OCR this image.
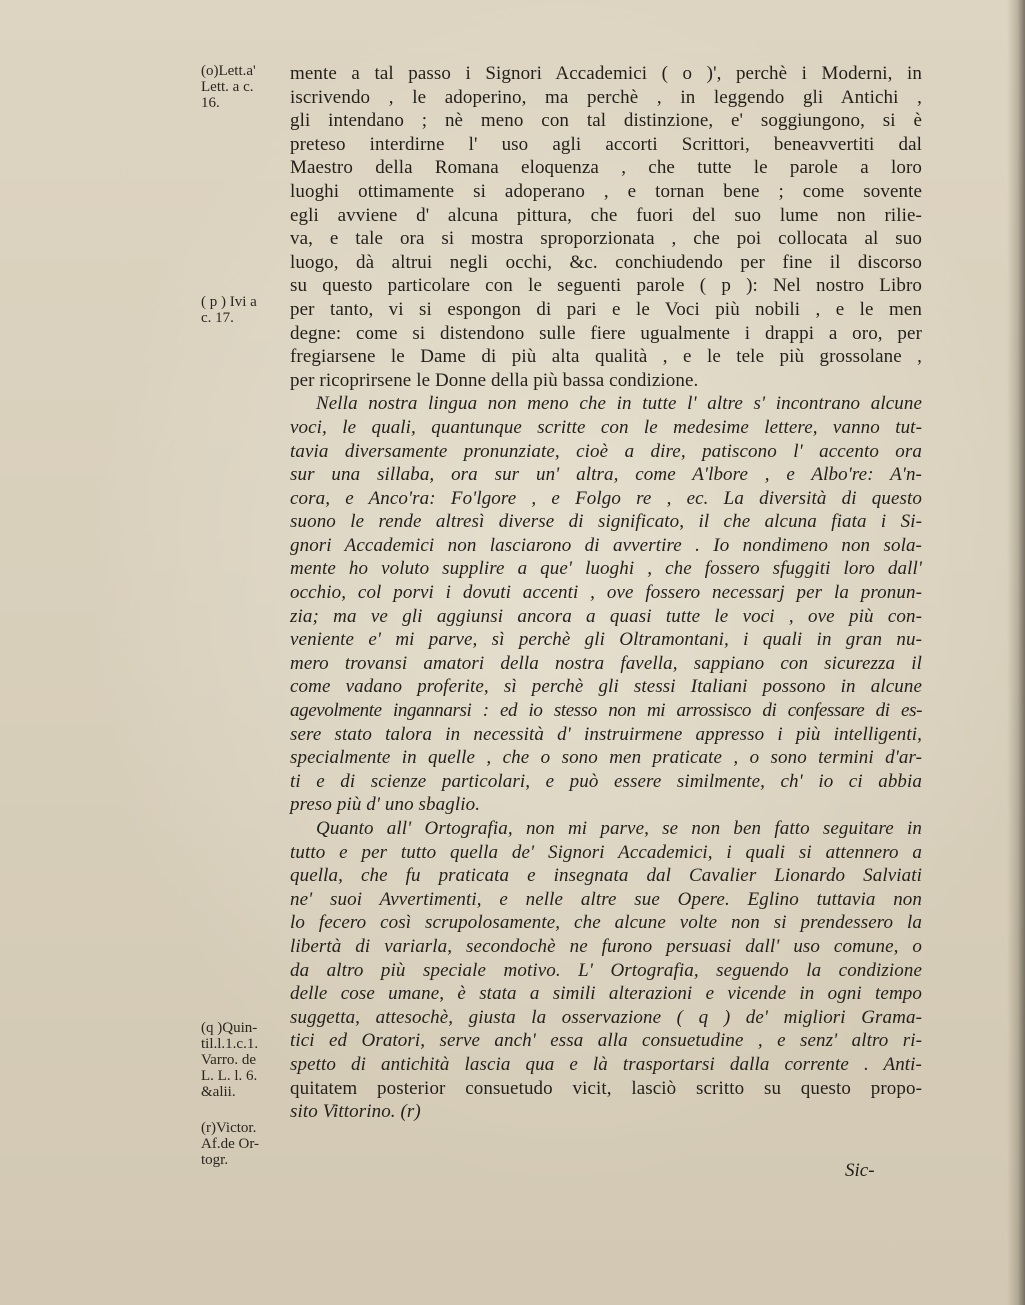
(o)Lett.a'
Lett. a c.
16.

( p ) Ivi a
c. 17.

(q )Quin-
til.l.1.c.1.
Varro. de
L. L. l. 6.
&alii.

(r)Victor.
Af.de Or-
togr.

mente a tal passo i Signori Accademici ( o )', perchè i Moderni, in
iscrivendo , le adoperino, ma perchè , in leggendo gli Antichi ,
gli intendano ; nè meno con tal distinzione, e' soggiungono, si è
preteso interdirne l' uso agli accorti Scrittori, beneavvertiti dal
Maestro della Romana eloquenza , che tutte le parole a loro
luoghi ottimamente si adoperano , e tornan bene ; come sovente
egli avviene d' alcuna pittura, che fuori del suo lume non rilie-
va, e tale ora si mostra sproporzionata , che poi collocata al suo
luogo, dà altrui negli occhi, &c. conchiudendo per fine il discorso
su questo particolare con le seguenti parole ( p ): Nel nostro Libro
per tanto, vi si espongon di pari e le Voci più nobili , e le men
degne: come si distendono sulle fiere ugualmente i drappi a oro, per
fregiarsene le Dame di più alta qualità , e le tele più grossolane ,
per ricoprirsene le Donne della più bassa condizione.
Nella nostra lingua non meno che in tutte l' altre s' incontrano alcune
voci, le quali, quantunque scritte con le medesime lettere, vanno tut-
tavia diversamente pronunziate, cioè a dire, patiscono l' accento ora
sur una sillaba, ora sur un' altra, come A'lbore , e Albo're: A'n-
cora, e Anco'ra: Fo'lgore , e Folgo re , ec. La diversità di questo
suono le rende altresì diverse di significato, il che alcuna fiata i Si-
gnori Accademici non lasciarono di avvertire . Io nondimeno non sola-
mente ho voluto supplire a que' luoghi , che fossero sfuggiti loro dall'
occhio, col porvi i dovuti accenti , ove fossero necessarj per la pronun-
zia; ma ve gli aggiunsi ancora a quasi tutte le voci , ove più con-
veniente e' mi parve, sì perchè gli Oltramontani, i quali in gran nu-
mero trovansi amatori della nostra favella, sappiano con sicurezza il
come vadano proferite, sì perchè gli stessi Italiani possono in alcune
agevolmente ingannarsi : ed io stesso non mi arrossisco di confessare di es-
sere stato talora in necessità d' instruirmene appresso i più intelligenti,
specialmente in quelle , che o sono men praticate , o sono termini d'ar-
ti e di scienze particolari, e può essere similmente, ch' io ci abbia
preso più d' uno sbaglio.
Quanto all' Ortografia, non mi parve, se non ben fatto seguitare in
tutto e per tutto quella de' Signori Accademici, i quali si attennero a
quella, che fu praticata e insegnata dal Cavalier Lionardo Salviati
ne' suoi Avvertimenti, e nelle altre sue Opere. Eglino tuttavia non
lo fecero così scrupolosamente, che alcune volte non si prendessero la
libertà di variarla, secondochè ne furono persuasi dall' uso comune, o
da altro più speciale motivo. L' Ortografia, seguendo la condizione
delle cose umane, è stata a simili alterazioni e vicende in ogni tempo
suggetta, attesochè, giusta la osservazione ( q ) de' migliori Grama-
tici ed Oratori, serve anch' essa alla consuetudine , e senz' altro ri-
spetto di antichità lascia qua e là trasportarsi dalla corrente . Anti-
quitatem posterior consuetudo vicit, lasciò scritto su questo propo-
sito Vittorino. (r)
Sic-
